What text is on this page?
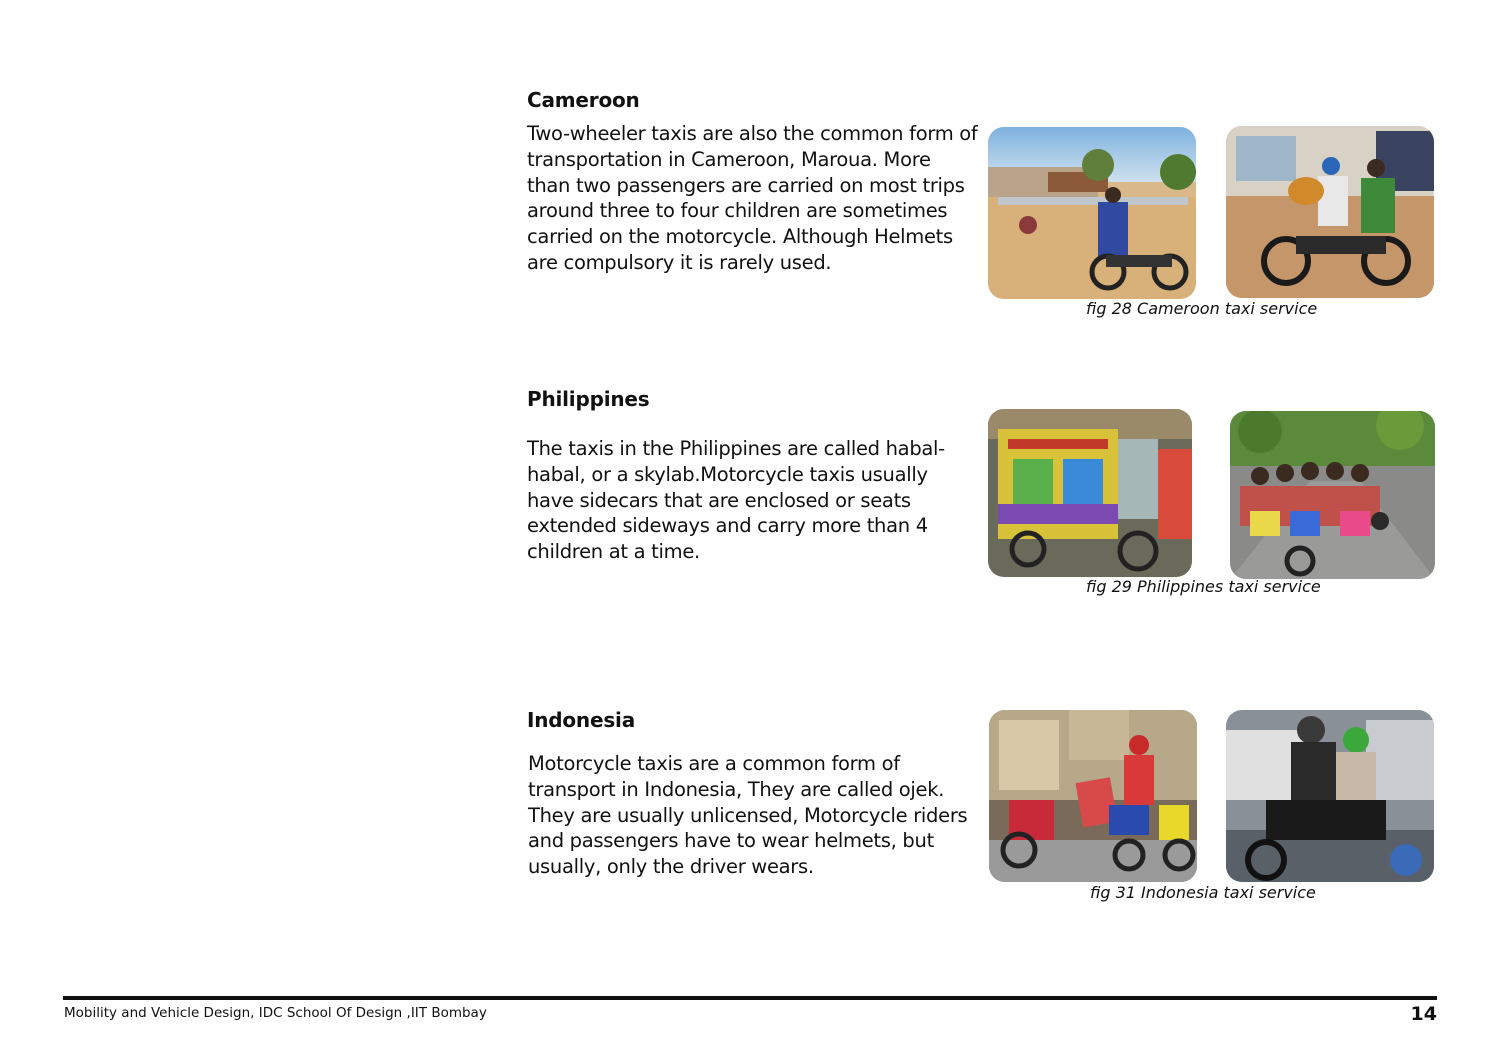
Cameroon
Two-wheeler taxis are also the common form of transportation in Cameroon, Maroua. More than two passengers are carried on most trips around three to four children are sometimes carried on the motorcycle. Although Helmets are compulsory it is rarely used.
fig 28 Cameroon taxi service
Philippines
The taxis in the Philippines are called habal-habal, or a skylab.Motorcycle taxis usually have sidecars that are enclosed or seats extended sideways and carry more than 4 children at a time.
fig 29 Philippines taxi service
Indonesia
Motorcycle taxis are a common form of transport in Indonesia, They are called ojek. They are usually unlicensed, Motorcycle riders and passengers have to wear helmets, but usually, only the driver wears.
fig 31 Indonesia taxi service
Mobility and Vehicle Design, IDC School Of Design ,IIT Bombay	14
